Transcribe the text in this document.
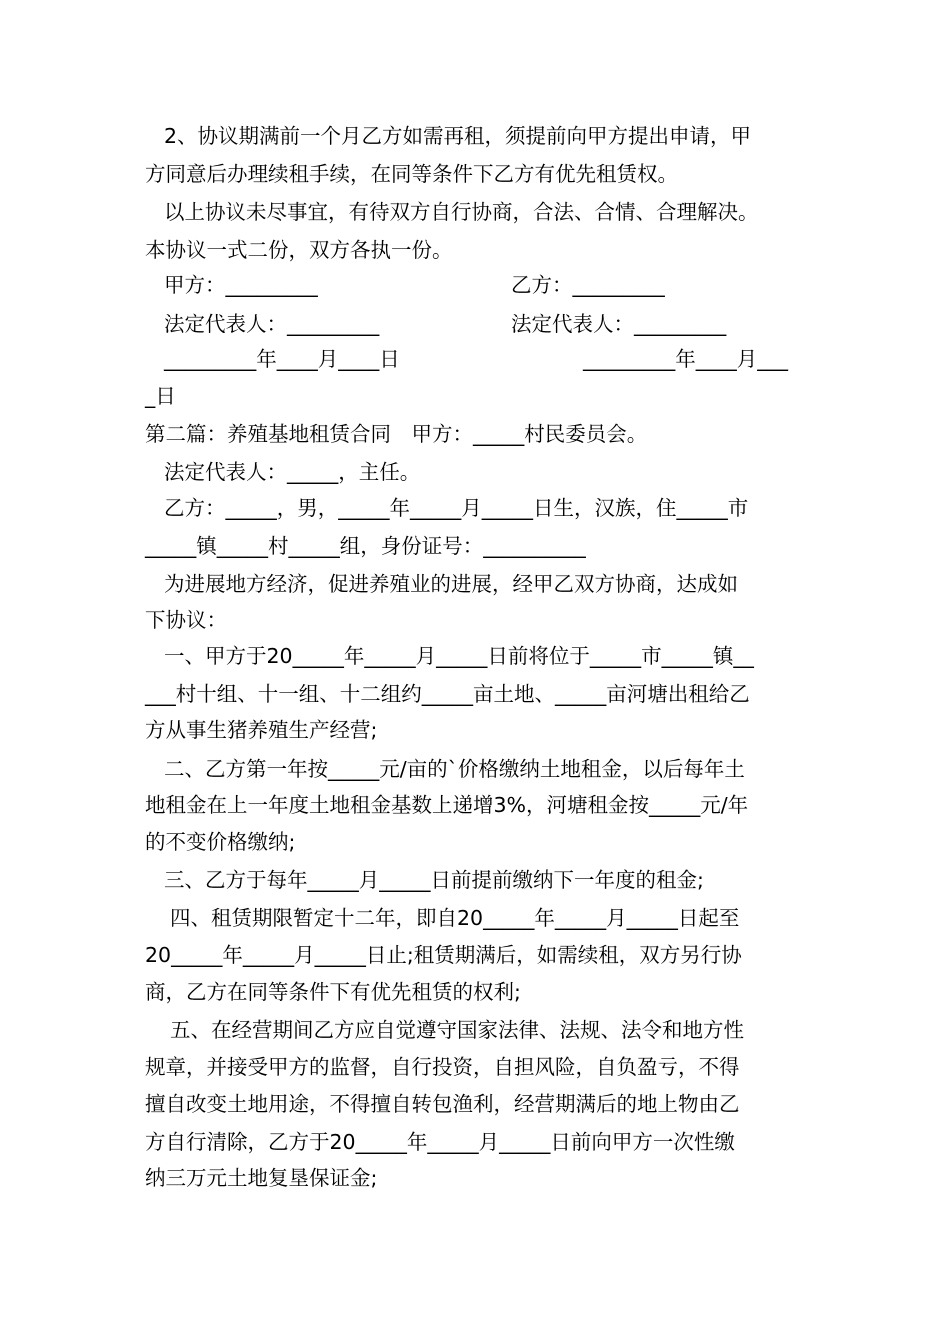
2、协议期满前一个月乙方如需再租，须提前向甲方提出申请，甲

方同意后办理续租手续，在同等条件下乙方有优先租赁权。

以上协议未尽事宜，有待双方自行协商，合法、合情、合理解决。

本协议一式二份，双方各执一份。

甲方：_________	乙方：_________

法定代表人：_________	法定代表人：_________

_________年____月____日	_________年____月___

_日

第二篇：养殖基地租赁合同　甲方：_____村民委员会。

法定代表人：_____，主任。

乙方：_____，男，_____年_____月_____日生，汉族，住_____市

_____镇_____村_____组，身份证号：__________

为进展地方经济，促进养殖业的进展，经甲乙双方协商，达成如

下协议：

一、甲方于20_____年_____月_____日前将位于_____市_____镇__

___村十组、十一组、十二组约_____亩土地、_____亩河塘出租给乙

方从事生猪养殖生产经营;

二、乙方第一年按_____元/亩的`价格缴纳土地租金，以后每年土

地租金在上一年度土地租金基数上递增3%，河塘租金按_____元/年

的不变价格缴纳;

三、乙方于每年_____月_____日前提前缴纳下一年度的租金;

四、租赁期限暂定十二年，即自20_____年_____月_____日起至

20_____年_____月_____日止;租赁期满后，如需续租，双方另行协

商，乙方在同等条件下有优先租赁的权利;

五、在经营期间乙方应自觉遵守国家法律、法规、法令和地方性

规章，并接受甲方的监督，自行投资，自担风险，自负盈亏，不得

擅自改变土地用途，不得擅自转包渔利，经营期满后的地上物由乙

方自行清除，乙方于20_____年_____月_____日前向甲方一次性缴

纳三万元土地复垦保证金;
